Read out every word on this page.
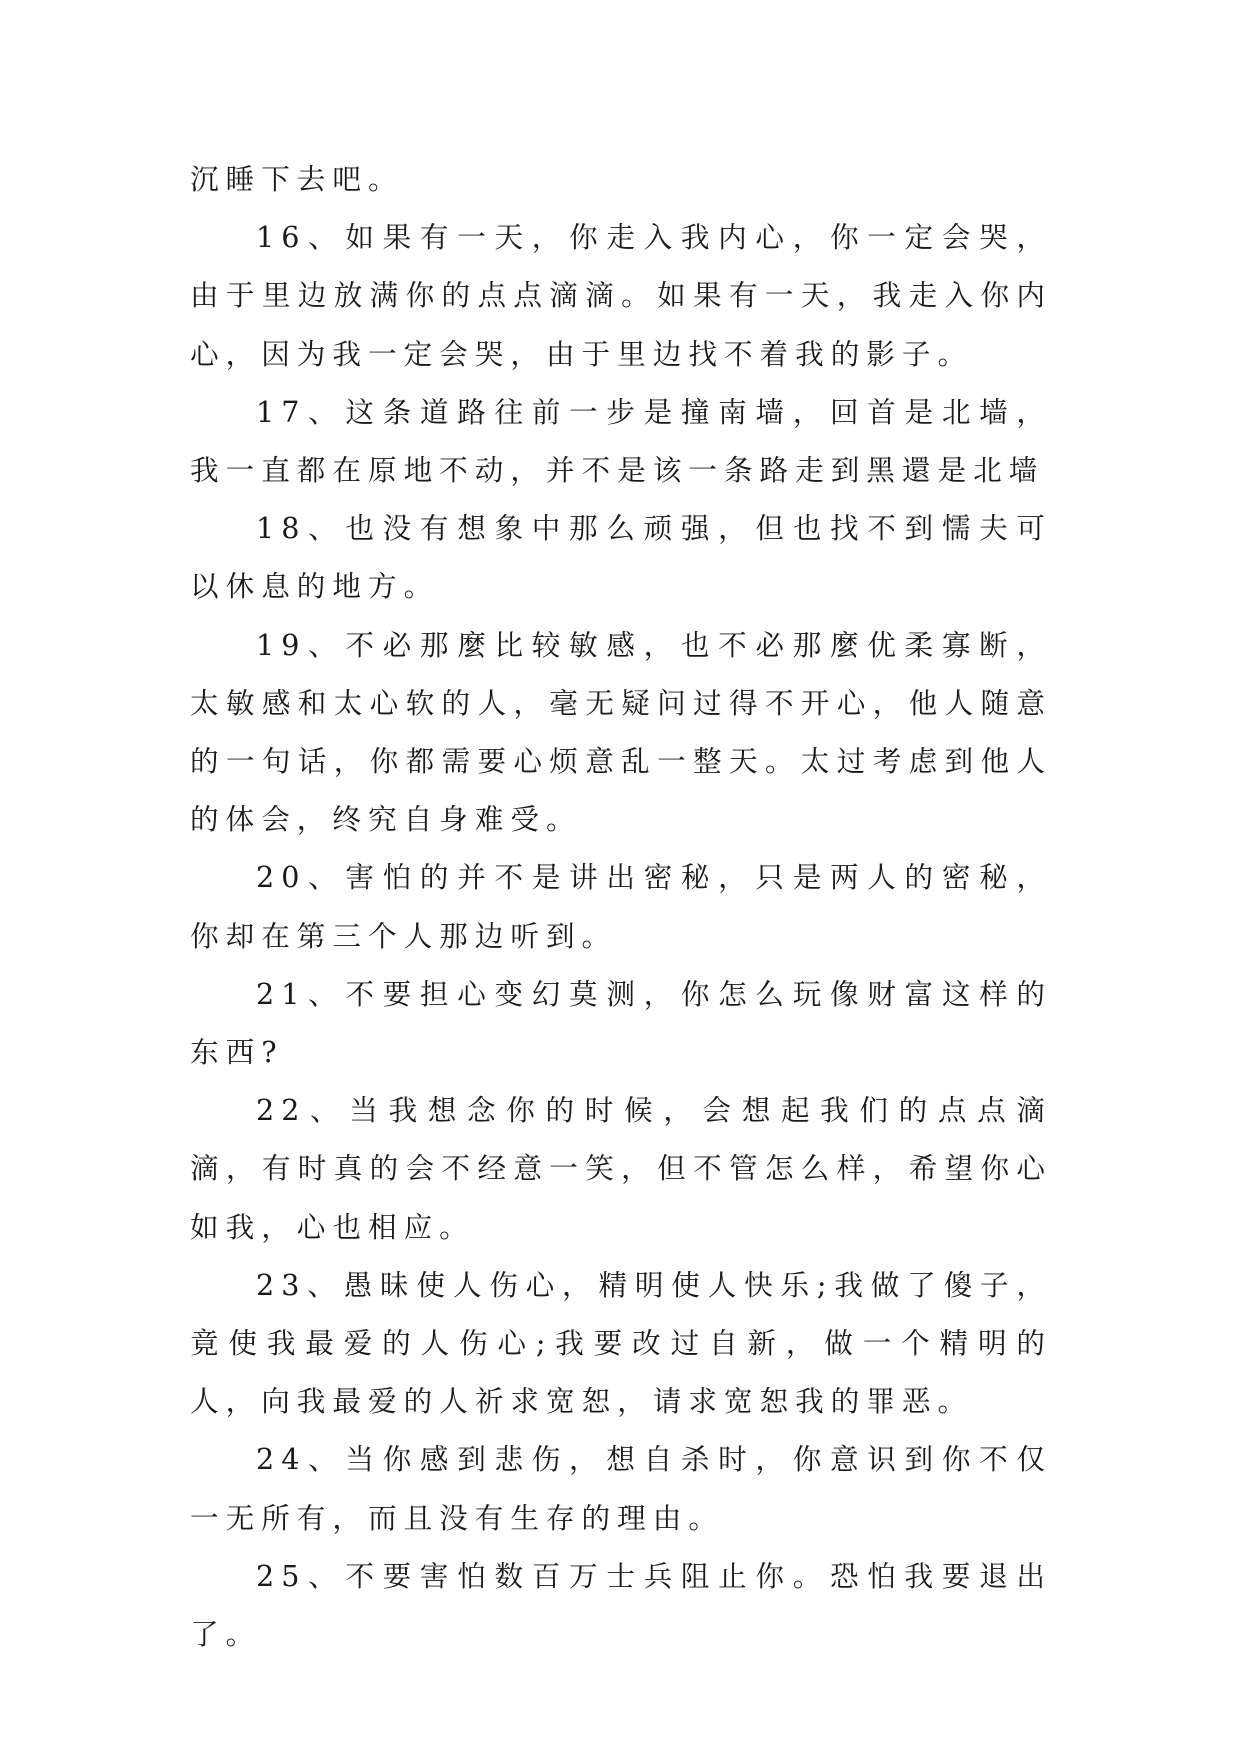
沉睡下去吧。

16、如果有一天，你走入我内心，你一定会哭，由于里边放满你的点点滴滴。如果有一天，我走入你内心，因为我一定会哭，由于里边找不着我的影子。

17、这条道路往前一步是撞南墙，回首是北墙，我一直都在原地不动，并不是该一条路走到黑還是北墙

18、也没有想象中那么顽强，但也找不到懦夫可以休息的地方。

19、不必那麼比较敏感，也不必那麼优柔寡断，太敏感和太心软的人，毫无疑问过得不开心，他人随意的一句话，你都需要心烦意乱一整天。太过考虑到他人的体会，终究自身难受。

20、害怕的并不是讲出密秘，只是两人的密秘，你却在第三个人那边听到。

21、不要担心变幻莫测，你怎么玩像财富这样的东西?

22、当我想念你的时候，会想起我们的点点滴滴，有时真的会不经意一笑，但不管怎么样，希望你心如我，心也相应。

23、愚昧使人伤心，精明使人快乐;我做了傻子，竟使我最爱的人伤心;我要改过自新，做一个精明的人，向我最爱的人祈求宽恕，请求宽恕我的罪恶。

24、当你感到悲伤，想自杀时，你意识到你不仅一无所有，而且没有生存的理由。

25、不要害怕数百万士兵阻止你。恐怕我要退出了。
